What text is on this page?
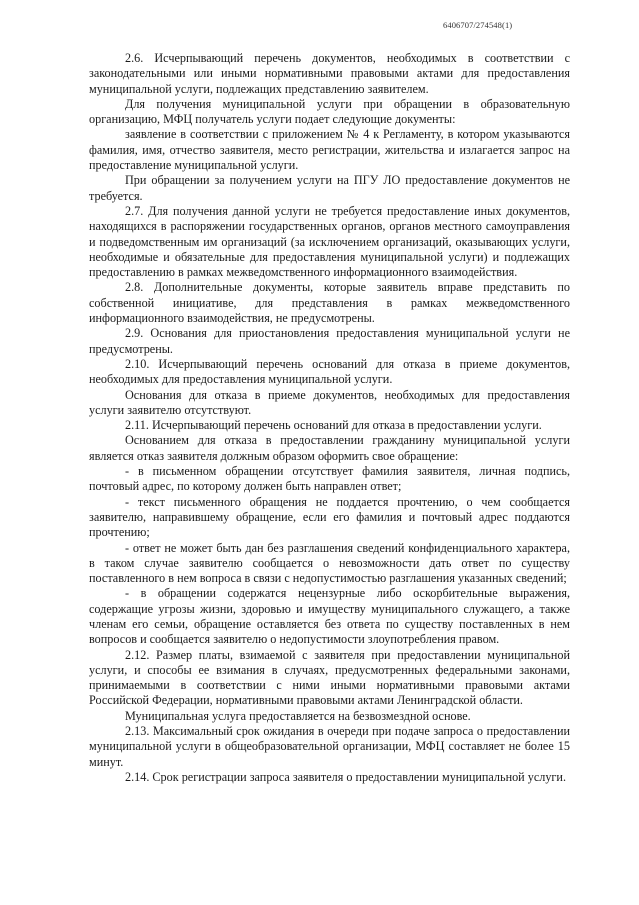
6406707/274548(1)

2.6. Исчерпывающий перечень документов, необходимых в соответствии с законодательными или иными нормативными правовыми актами для предоставления муниципальной услуги, подлежащих представлению заявителем.

Для получения муниципальной услуги при обращении в образовательную организацию, МФЦ получатель услуги подает следующие документы:

заявление в соответствии с приложением № 4 к Регламенту, в котором указываются фамилия, имя, отчество заявителя, место регистрации, жительства и излагается запрос на предоставление муниципальной услуги.

При обращении за получением услуги на ПГУ ЛО предоставление документов не требуется.

2.7. Для получения данной услуги не требуется предоставление иных документов, находящихся в распоряжении государственных органов, органов местного самоуправления и подведомственным им организаций (за исключением организаций, оказывающих услуги, необходимые и обязательные для предоставления муниципальной услуги) и подлежащих предоставлению в рамках межведомственного информационного взаимодействия.

2.8. Дополнительные документы, которые заявитель вправе представить по собственной инициативе, для представления в рамках межведомственного информационного взаимодействия, не предусмотрены.

2.9. Основания для приостановления предоставления муниципальной услуги не предусмотрены.

2.10. Исчерпывающий перечень оснований для отказа в приеме документов, необходимых для предоставления муниципальной услуги.

Основания для отказа в приеме документов, необходимых для предоставления услуги заявителю отсутствуют.

2.11. Исчерпывающий перечень оснований для отказа в предоставлении услуги.

Основанием для отказа в предоставлении гражданину муниципальной услуги является отказ заявителя должным образом оформить свое обращение:

- в письменном обращении отсутствует фамилия заявителя, личная подпись, почтовый адрес, по которому должен быть направлен ответ;

- текст письменного обращения не поддается прочтению, о чем сообщается заявителю, направившему обращение, если его фамилия и почтовый адрес поддаются прочтению;

- ответ не может быть дан без разглашения сведений конфиденциального характера, в таком случае заявителю сообщается о невозможности дать ответ по существу поставленного в нем вопроса в связи с недопустимостью разглашения указанных сведений;

- в обращении содержатся нецензурные либо оскорбительные выражения, содержащие угрозы жизни, здоровью и имуществу муниципального служащего, а также членам его семьи, обращение оставляется без ответа по существу поставленных в нем вопросов и сообщается заявителю о недопустимости злоупотребления правом.

2.12. Размер платы, взимаемой с заявителя при предоставлении муниципальной услуги, и способы ее взимания в случаях, предусмотренных федеральными законами, принимаемыми в соответствии с ними иными нормативными правовыми актами Российской Федерации, нормативными правовыми актами Ленинградской области.

Муниципальная услуга предоставляется на безвозмездной основе.

2.13. Максимальный срок ожидания в очереди при подаче запроса о предоставлении муниципальной услуги в общеобразовательной организации, МФЦ составляет не более 15 минут.

2.14. Срок регистрации запроса заявителя о предоставлении муниципальной услуги.
